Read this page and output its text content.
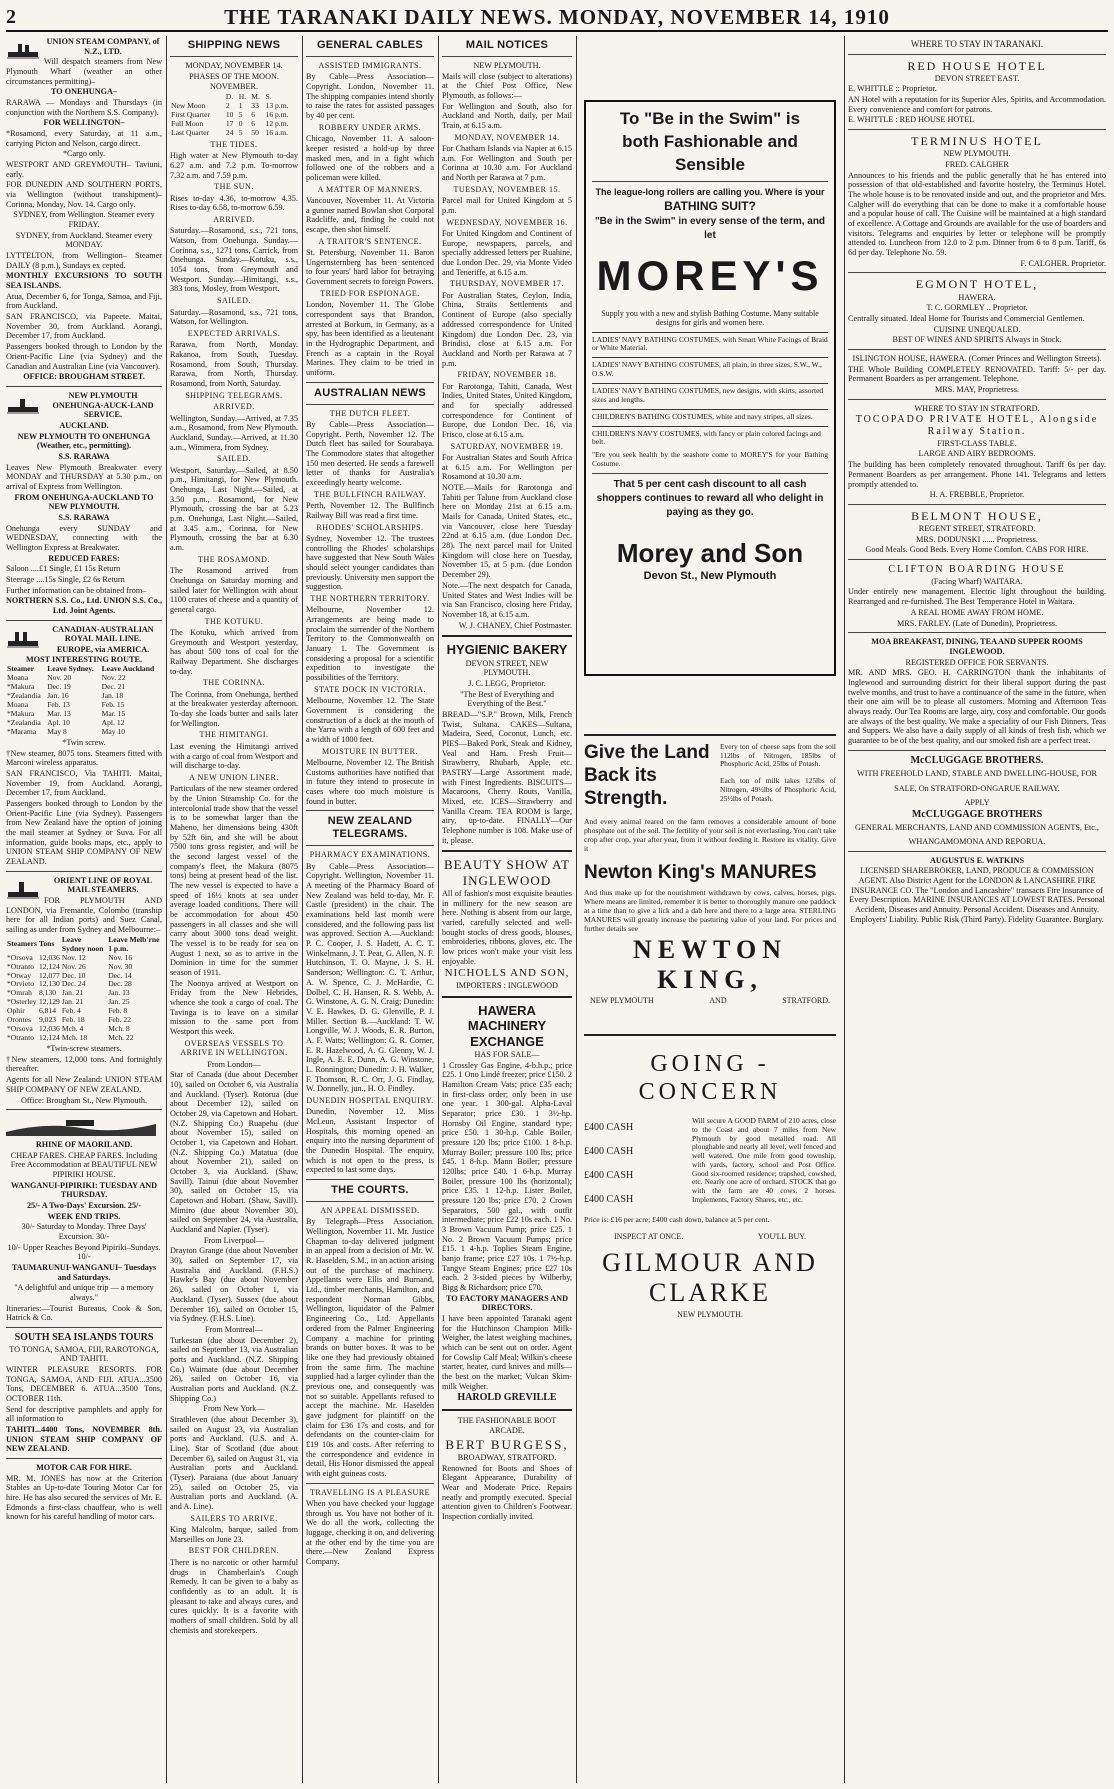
2	THE TARANAKI DAILY NEWS. MONDAY, NOVEMBER 14, 1910

UNION STEAM COMPANY, of N.Z., LTD.

Will despatch steamers from New Plymouth Wharf (weather an other circumstances permitting)–

TO ONEHUNGA–

RARAWA — Mondays and Thursdays (in conjunction with the Northern S.S. Company).

FOR WELLINGTON–

*Rosamond, every Saturday, at 11 a.m., carrying Picton and Nelson, cargo direct.

*Cargo only.

WESTPORT AND GREYMOUTH– Taviuni, early.

FOR DUNEDIN AND SOUTHERN PORTS, via Wellington (without transhipment)– Corinna, Monday, Nov. 14. Cargo only.

SYDNEY, from Wellington. Steamer every FRIDAY.

SYDNEY, from Auckland. Steamer every MONDAY.

LYTTELTON, from Wellington– Steamer DAILY (8 p.m.), Sundays ex cepted.

MONTHLY EXCURSIONS TO SOUTH SEA ISLANDS.

Atua, December 6, for Tonga, Samoa, and Fiji, from Auckland.

SAN FRANCISCO, via Papeete. Maitai, November 30, from Auckland. Aorangi, December 17, from Auckland.

Passengers booked through to London by the Orient-Pacific Line (via Sydney) and the Canadian and Australian Line (via Vancouver).

OFFICE: BROUGHAM STREET.

NEW PLYMOUTH ONEHUNGA-AUCK-LAND SERVICE.

AUCKLAND.

NEW PLYMOUTH TO ONEHUNGA (Weather, etc., permitting).

S.S. RARAWA

Leaves New Plymouth Breakwater every MONDAY and THURSDAY at 5.30 p.m., on arrival of Express from Wellington.

FROM ONEHUNGA-AUCKLAND TO NEW PLYMOUTH.

S.S. RARAWA

Onehunga every SUNDAY and WEDNESDAY, connecting with the Wellington Express at Breakwater.

REDUCED FARES:

Saloon ....£1 Single, £1 15s Return

Steerage ....15s Single, £2 6s Return

Further information can be obtained from–

NORTHERN S.S. Co., Ltd. UNION S.S. Co., Ltd. Joint Agents.

CANADIAN-AUSTRALIAN ROYAL MAIL LINE.

EUROPE, via AMERICA. MOST INTERESTING ROUTE.

Steamer	Leave Sydney.	Leave Auckland
Moana	Nov. 20	Nov. 22
*Makura	Dec. 19	Dec. 21
*Zealandia	Jan. 16	Jan. 18
Moana	Feb. 13	Feb. 15
*Makura	Mar. 13	Mar. 15
*Zealandia	Apl. 10	Apl. 12
*Marama	May 8	May 10

*Twin screw.

†New steamer, 8075 tons. Steamers fitted with Marconi wireless apparatus.

SAN FRANCISCO, Via TAHITI. Maitai, November 19, from Auckland. Aorangi, December 17, from Auckland.

Passengers booked through to London by the Orient-Pacific Line (via Sydney). Passengers from New Zealand have the option of joining the mail steamer at Sydney or Suva. For all information, guide books maps, etc., apply to UNION STEAM SHIP COMPANY OF NEW ZEALAND.

ORIENT LINE OF ROYAL MAIL STEAMERS.

FOR PLYMOUTH AND LONDON, via Fremantle, Colombo (tranship here for all Indian ports) and Suez Canal, sailing as under from Sydney and Melbourne:–

Steamers	Tons	Leave Sydney noon	Leave Melb'rne 1 p.m.
*Orsova	12,036	Nov. 12	Nov. 16
*Otranto	12,124	Nov. 26	Nov. 30
*Otway	12,077	Dec. 10	Dec. 14
*Orvieto	12,130	Dec. 24	Dec. 28
*Omrah	8,130	Jan. 21	Jan. 13
*Osterley	12,129	Jan. 21	Jan. 25
Ophir	6,814	Feb. 4	Feb. 8
Orontes	9,023	Feb. 18	Feb. 22
*Orsova	12,036	Mch. 4	Mch. 8
*Otranto	12,124	Mch. 18	Mch. 22

*Twin-screw steamers.

†New steamers, 12,000 tons. And fortnightly thereafter.

Agents for all New Zealand: UNION STEAM SHIP COMPANY OF NEW ZEALAND.

Office: Brougham St., New Plymouth.

RHINE OF MAORILAND.

CHEAP FARES. CHEAP FARES. Including Free Accommodation at BEAUTIFUL NEW PIPIRIKI HOUSE.

WANGANUI-PIPIRIKI: TUESDAY AND THURSDAY.

25/- A Two-Days' Excursion. 25/-

WEEK END TRIPS.

30/- Saturday to Monday. Three Days' Excursion. 30/-

10/- Upper Reaches Beyond Pipiriki–Sundays. 10/-

TAUMARUNUI-WANGANUI– Tuesdays and Saturdays.

"A delightful and unique trip — a memory always."

Itineraries:—Tourist Bureaus, Cook & Son, Hatrick & Co.

SOUTH SEA ISLANDS TOURS

TO TONGA, SAMOA, FIJI, RAROTONGA, AND TAHITI.

WINTER PLEASURE RESORTS. FOR TONGA, SAMOA, AND FIJI. ATUA...3500 Tons, DECEMBER 6. ATUA...3500 Tons, OCTOBER 11th.

Send for descriptive pamphlets and apply for all information to

TAHITI...4400 Tons, NOVEMBER 8th. UNION STEAM SHIP COMPANY OF NEW ZEALAND.

MOTOR CAR FOR HIRE.

MR. M. JONES has now at the Criterion Stables an Up-to-date Touring Motor Car for hire. He has also secured the services of Mr. E. Edmonds a first-class chauffeur, who is well known for his careful handling of motor cars.

SHIPPING NEWS

MONDAY, NOVEMBER 14.

PHASES OF THE MOON.

NOVEMBER.

	D.	H.	M.	S.
New Moon	2	1	33	13 p.m.
First Quarter	10	5	6	16 p.m.
Full Moon	17	0	6	12 p.m.
Last Quarter	24	5	50	16 a.m.

THE TIDES.

High water at New Plymouth to-day 6.27 a.m. and 7.2 p.m. To-morrow 7.32 a.m. and 7.59 p.m.

THE SUN.

Rises to-day 4.36, to-morrow 4.35. Rises to-day 6.58, to-morrow 6.59.

ARRIVED.

Saturday.—Rosamond, s.s., 721 tons, Watson, from Onehunga. Sunday.—Corinna, s.s., 1271 tons, Carrick, from Onehunga. Sunday.—Kotuku, s.s., 1054 tons, from Greymouth and Westport. Sunday.—Himitangi, s.s., 383 tons, Mosley, from Westport.

SAILED.

Saturday.—Rosamond, s.s., 721 tons, Watson, for Wellington.

EXPECTED ARRIVALS.

Rarawa, from North, Monday. Rakanoa, from South, Tuesday. Rosamond, from South, Thursday. Rarawa, from North, Thursday. Rosamond, from North, Saturday.

SHIPPING TELEGRAMS.

ARRIVED.

Wellington, Sunday.—Arrived, at 7.35 a.m., Rosamond, from New Plymouth. Auckland, Sunday.—Arrived, at 11.30 a.m., Wimmera, from Sydney.

SAILED.

Westport, Saturday.—Sailed, at 8.50 p.m., Himitangi, for New Plymouth. Onehunga, Last Night.—Sailed, at 3.50 p.m., Rosamond, for New Plymouth, crossing the bar at 5.23 p.m. Onehunga, Last Night.—Sailed, at 3.45 a.m., Corinna, for New Plymouth, crossing the bar at 6.30 a.m.

THE ROSAMOND.

The Rosamond arrived from Onehunga on Saturday morning and sailed later for Wellington with about 1100 crates of cheese and a quantity of general cargo.

THE KOTUKU.

The Kotuku, which arrived from Greymouth and Westport yesterday, has about 500 tons of coal for the Railway Department. She discharges to-day.

THE CORINNA.

The Corinna, from Onehunga, berthed at the breakwater yesterday afternoon. To-day she loads butter and sails later for Wellington.

THE HIMITANGI.

Last evening the Himitangi arrived with a cargo of coal from Westport and will discharge to-day.

A NEW UNION LINER.

Particulars of the new steamer ordered by the Union Steamship Co. for the intercolonial trade show that the vessel is to be somewhat larger than the Maheno, her dimensions being 430ft by 52ft 6in, and she will be about 7500 tons gross register, and will be the second largest vessel of the company's fleet, the Makura (8075 tons) being at present head of the list. The new vessel is expected to have a speed of 16½ knots at sea under average loaded conditions. There will be accommodation for about 450 passengers in all classes and she will carry about 3000 tons dead weight. The vessel is to be ready for sea on August 1 next, so as to arrive in the Dominion in time for the summer season of 1911.

The Noonya arrived at Westport on Friday from the New Hebrides, whence she took a cargo of coal. The Tavinga is to leave on a similar mission to the same port from Westport this week.

OVERSEAS VESSELS TO ARRIVE IN WELLINGTON.

From London—

Star of Canada (due about December 10), sailed on October 6, via Australia and Auckland. (Tyser). Rotorua (due about December 12), sailed on October 29, via Capetown and Hobart. (N.Z. Shipping Co.) Ruapehu (due about November 15), sailed on October 1, via Capetown and Hobart. (N.Z. Shipping Co.) Matatua (due about November 21), sailed on October 3, via Auckland. (Shaw, Savill). Tainui (due about November 30), sailed on October 15, via Capetown and Hobart. (Shaw, Savill). Mimiro (due about November 30), sailed on September 24, via Australia, Auckland and Napier. (Tyser).

From Liverpool—

Drayton Grange (due about November 30), sailed on September 17, via Australia and Auckland. (F.H.S.) Hawke's Bay (due about November 26), sailed on October 1, via Auckland. (Tyser). Sussex (due about December 16), sailed on October 15, via Sydney. (F.H.S. Line).

From Montreal—

Turkestan (due about December 2), sailed on September 13, via Australian ports and Auckland. (N.Z. Shipping Co.) Waimate (due about December 26), sailed on October 16, via Australian ports and Auckland. (N.Z. Shipping Co.)

From New York—

Strathleven (due about December 3), sailed on August 23, via Australian ports and Auckland. (U.S. and A. Line). Star of Scotland (due about December 6), sailed on August 31, via Australian ports and Auckland. (Tyser). Paraiana (due about January 25), sailed on October 25, via Australian ports and Auckland. (A. and A. Line).

SAILERS TO ARRIVE.

King Malcolm, barque, sailed from Marseilles on June 23.

BEST FOR CHILDREN.

There is no narcotic or other harmful drugs in Chamberlain's Cough Remedy. It can be given to a baby as confidently as to an adult. It is pleasant to take and always cures, and cures quickly. It is a favorite with mothers of small children. Sold by all chemists and storekeepers.

GENERAL CABLES

ASSISTED IMMIGRANTS.

By Cable—Press Association—Copyright. London, November 11. The shipping companies intend shortly to raise the rates for assisted passages by 40 per cent.

ROBBERY UNDER ARMS.

Chicago, November 11. A saloon-keeper resisted a hold-up by three masked men, and in a fight which followed one of the robbers and a policeman were killed.

A MATTER OF MANNERS.

Vancouver, November 11. At Victoria a gunner named Bowlan shot Corporal Radcliffe, and, finding he could not escape, then shot himself.

A TRAITOR'S SENTENCE.

St. Petersburg, November 11. Baron Ungernsternberg has been sentenced to four years' hard labor for betraying Government secrets to foreign Powers.

TRIED FOR ESPIONAGE.

London, November 11. The Globe correspondent says that Brandon, arrested at Borkum, in Germany, as a spy, has been identified as a lieutenant in the Hydrographic Department, and French as a captain in the Royal Marines. They claim to be tried in uniform.

AUSTRALIAN NEWS

THE DUTCH FLEET.

By Cable—Press Association—Copyright. Perth, November 12. The Dutch fleet has sailed for Sourabaya. The Commodore states that altogether 150 men deserted. He sends a farewell letter of thanks for Australia's exceedingly hearty welcome.

THE BULLFINCH RAILWAY.

Perth, November 12. The Bullfinch Railway Bill was read a first time.

RHODES' SCHOLARSHIPS.

Sydney, November 12. The trustees controlling the Rhodes' scholarships have suggested that New South Wales should select younger candidates than previously. University men support the suggestion.

THE NORTHERN TERRITORY.

Melbourne, November 12. Arrangements are being made to proclaim the surrender of the Northern Territory to the Commonwealth on January 1. The Government is considering a proposal for a scientific expedition to investigate the possibilities of the Territory.

STATE DOCK IN VICTORIA.

Melbourne, November 12. The State Government is considering the construction of a dock at the mouth of the Yarra with a length of 600 feet and a width of 1000 feet.

MOISTURE IN BUTTER.

Melbourne, November 12. The British Customs authorities have notified that in future they intend to prosecute in cases where too much moisture is found in butter.

NEW ZEALAND TELEGRAMS.

PHARMACY EXAMINATIONS.

By Cable—Press Association—Copyright. Wellington, November 11. A meeting of the Pharmacy Board of New Zealand was held to-day, Mr. F. Castle (president) in the chair. The examinations held last month were considered, and the following pass list was approved. Section A.—Auckland: P. C. Cooper, J. S. Hadett, A. C. T. Winkelmann, J. T. Peat, G. Allen, N. F. Hutchinson, T. O. Mayne, J. S. H. Sanderson; Wellington: C. T. Arthur, A. W. Spence, C. J. McHardie, C. Dolbel, C. H. Hansen, R. S. Webb, A. G. Winstone, A. G. N. Craig; Dunedin: V. E. Hawkes, D. G. Glenville, P. J. Miller. Section B.—Auckland: T. W. Longville, W. J. Woods, E. R. Burton, A. F. Watts; Wellington: G. R. Corner, E. R. Hazelwood, A. G. Glenny, W. J. Ingle, A. E. E. Dunn, A. G. Winstone, L. Ronnington; Dunedin: J. H. Walker, F. Thomson, R. C. Orr, J. G. Findlay, W. Donnelly, jun., H. O. Findley.

DUNEDIN HOSPITAL ENQUIRY.

Dunedin, November 12. Miss McLeun, Assistant Inspector of Hospitals, this morning opened an enquiry into the nursing department of the Dunedin Hospital. The enquiry, which is not open to the press, is expected to last some days.

THE COURTS.

AN APPEAL DISMISSED.

By Telegraph—Press Association. Wellington, November 11. Mr. Justice Chapman to-day delivered judgment in an appeal from a decision of Mr. W. R. Haselden, S.M., in an action arising out of the purchase of machinery. Appellants were Ellis and Burnand, Ltd., timber merchants, Hamilton, and respondent Norman Gibbs, Wellington, liquidator of the Palmer Engineering Co., Ltd. Appellants ordered from the Palmer Engineering Company a machine for printing brands on butter boxes. It was to be like one they had previously obtained from the same firm. The machine supplied had a larger cylinder than the previous one, and consequently was not so suitable. Appellants refused to accept the machine. Mr. Haselden gave judgment for plaintiff on the claim for £36 17s and costs, and for defendants on the counter-claim for £19 10s and costs. After referring to the correspondence and evidence in detail, His Honor dismissed the appeal with eight guineas costs.

TRAVELLING IS A PLEASURE

When you have checked your luggage through us. You have not bother of it. We do all the work, collecting the luggage, checking it on, and delivering at the other end by the time you are there.—New Zealand Express Company.

MAIL NOTICES

NEW PLYMOUTH.

Mails will close (subject to alterations) at the Chief Post Office, New Plymouth, as follows:—

For Wellington and South, also for Auckland and North, daily, per Mail Train, at 6.15 a.m.

MONDAY, NOVEMBER 14.

For Chatham Islands via Napier at 6.15 a.m. For Wellington and South per Corinna at 10.30 a.m. For Auckland and North per Rarawa at 7 p.m.

TUESDAY, NOVEMBER 15.

Parcel mail for United Kingdom at 5 p.m.

WEDNESDAY, NOVEMBER 16.

For United Kingdom and Continent of Europe, newspapers, parcels, and specially addressed letters per Ruahine, due London Dec. 29, via Monte Video and Teneriffe, at 6.15 a.m.

THURSDAY, NOVEMBER 17.

For Australian States, Ceylon, India, China, Straits Settlements and Continent of Europe (also specially addressed correspondence for United Kingdom) due London Dec. 23, via Brindisi, close at 6.15 a.m. For Auckland and North per Rarawa at 7 p.m.

FRIDAY, NOVEMBER 18.

For Rarotonga, Tahiti, Canada, West Indies, United States, United Kingdom, and for specially addressed correspondence for Continent of Europe, due London Dec. 16, via Frisco, close at 6.15 a.m.

SATURDAY, NOVEMBER 19.

For Australian States and South Africa at 6.15 a.m. For Wellington per Rosamond at 10.30 a.m.

NOTE.—Mails for Rarotonga and Tahiti per Talune from Auckland close here on Monday 21st at 6.15 a.m. Mails for Canada, United States, etc., via Vancouver, close here Tuesday 22nd at 6.15 a.m. (due London Dec. 28). The next parcel mail for United Kingdom will close here on Tuesday, November 15, at 5 p.m. (due London December 29).

Note.—The next despatch for Canada, United States and West Indies will be via San Francisco, closing here Friday, November 18, at 6.15 a.m.

W. J. CHANEY, Chief Postmaster.

HYGIENIC BAKERY

DEVON STREET, NEW PLYMOUTH.

J. C. LEGG, Proprietor.

"The Best of Everything and Everything of the Best."

BREAD—"S.P." Brown, Milk, French Twist, Sultana. CAKES—Sultana, Madeira, Seed, Coconut, Lunch, etc. PIES—Baked Pork, Steak and Kidney, Veal and Ham. Fresh Fruit—Strawberry, Rhubarb, Apple, etc. PASTRY—Large Assortment made, with Finest Ingredients. BISCUITS—Macaroons, Cherry Routs, Vanilla, Mixed, etc. ICES—Strawberry and Vanilla Cream. TEA ROOM is large, airy, up-to-date. FINALLY—Our Telephone number is 108. Make use of it, please.

BEAUTY SHOW AT INGLEWOOD

All of fashion's most exquisite beauties in millinery for the new season are here. Nothing is absent from our large, varied, carefully selected and well-bought stocks of dress goods, blouses, embroideries, ribbons, gloves, etc. The low prices won't make your visit less enjoyable.

NICHOLLS AND SON,

IMPORTERS : INGLEWOOD

HAWERA MACHINERY EXCHANGE

HAS FOR SALE—

1 Crossley Gas Engine, 4-b.h.p.; price £25. 1 Ono Lindé freezer; price £150. 2 Hamilton Cream Vats; price £35 each; in first-class order; only been in use one year. 1 300-gal. Alpha-Laval Separator; price £30. 1 3½-hp. Hornsby Oil Engine, standard type; price £50. 1 30-h.p. Cable Boiler, pressure 120 lbs; price £100. 1 8-h.p. Murray Boiler; pressure 100 lbs; price £45. 1 8-h.p. Mann Boiler; pressure 120lbs; price £40. 1 6-h.p. Murray Boiler, pressure 100 lbs (horizontal); price £35. 1 12-h.p. Lister Boiler, pressure 120 lbs; price £70. 2 Crown Separators, 500 gal., with outfit intermediate; price £22 10s each. 1 No. 3 Brown Vacuum Pump; price £25. 1 No. 2 Brown Vacuum Pumps; price £15. 1 4-h.p. Toplies Steam Engine, banjo frame; price £27 10s. 1 7½-h.p. Tangye Steam Engines; price £27 10s each. 2 3-sided pieces by Wilberby, Bigg & Richardson; price £70.

TO FACTORY MANAGERS AND DIRECTORS.

I have been appointed Taranaki agent for the Hutchinson Champion Milk-Weigher, the latest weighing machines, which can be sent out on order. Agent for Cowslip Calf Meal; Wilkin's cheese starter, heater, curd knives and mills—the best on the market; Vulcan Skim-milk Weigher.

HAROLD GREVILLE

THE FASHIONABLE BOOT ARCADE.

BERT BURGESS,

BROADWAY, STRATFORD.

Renowned for Boots and Shoes of Elegant Appearance, Durability of Wear and Moderate Price. Repairs neatly and promptly executed. Special attention given to Children's Footwear. Inspection cordially invited.

To "Be in the Swim" is
both Fashionable and
Sensible
The league-long rollers are calling you. Where is your
BATHING SUIT?
"Be in the Swim" in every sense of the term, and let
MOREY'S

Supply you with a new and stylish Bathing Costume. Many suitable designs for girls and women here.

LADIES' NAVY BATHING COSTUMES, with Smart White Facings of Braid or White Material.
LADIES' NAVY BATHING COSTUMES, all plain, in three sizes, S.W., W., O.S.W.
LADIES' NAVY BATHING COSTUMES, new designs, with skirts, assorted sizes and lengths.
CHILDREN'S BATHING COSTUMES, white and navy stripes, all sizes.
CHILDREN'S NAVY COSTUMES, with fancy or plain colored facings and belt.

"Ere you seek health by the seashore come to MOREY'S for your Bathing Costume.

That 5 per cent cash discount to all cash shoppers continues to reward all who delight in paying as they go.
Morey and Son
Devon St., New Plymouth
Give the Land
Back its Strength.

Every ton of cheese saps from the soil 112lbs of Nitrogen, 185lbs of Phosphoric Acid, 25lbs of Potash.

Each ton of milk takes 125lbs of Nitrogen, 49½lbs of Phosphoric Acid, 25½lbs of Potash.

And every animal reared on the farm removes a considerable amount of bone phosphate out of the soil. The fertility of your soil is not everlasting. You can't take crop after crop, year after year, from it without feeding it. Restore its vitality. Give it

Newton King's MANURES

And thus make up for the nourishment withdrawn by cows, calves, horses, pigs. Where means are limited, remember it is better to thoroughly manure one paddock at a time than to give a lick and a dab here and there to a large area. STERLING MANURES will greatly increase the pasturing value of your land. For prices and further details see

NEWTON KING,
NEW PLYMOUTH	AND	STRATFORD.
GOING - CONCERN
£400 CASH
£400 CASH
£400 CASH
£400 CASH

Will secure A GOOD FARM of 210 acres, close to the Coast and about 7 miles from New Plymouth by good metalled road. All ploughable and nearly all level, well fenced and well watered. One mile from good township, with yards, factory, school and Post Office. Good six-roomed residence; trapshed, cowshed, etc. Nearly one acre of orchard. STOCK that go with the farm are 40 cows, 2 horses. Implements, Factory Shares, etc., etc.

Price is: £16 per acre; £400 cash down, balance at 5 per cent.

INSPECT AT ONCE.	YOU'LL BUY.
GILMOUR AND CLARKE

NEW PLYMOUTH.

WHERE TO STAY IN TARANAKI.

RED HOUSE HOTEL

DEVON STREET EAST.

E. WHITTLE :: Proprietor.

AN Hotel with a reputation for its Superior Ales, Spirits, and Accommodation. Every convenience and comfort for patrons.

E. WHITTLE : RED HOUSE HOTEL

TERMINUS HOTEL

NEW PLYMOUTH.

FRED. CALGHER

Announces to his friends and the public generally that he has entered into possession of that old-established and favorite hostelry, the Terminus Hotel. The whole house is to be renovated inside and out, and the proprietor and Mrs. Calgher will do everything that can be done to make it a comfortable house and a popular house of call. The Cuisine will be maintained at a high standard of excellence. A Cottage and Grounds are available for the use of boarders and visitors. Telegrams and enquiries by letter or telephone will be promptly attended to. Luncheon from 12.0 to 2 p.m. Dinner from 6 to 8 p.m. Tariff, 6s 6d per day. Telephone No. 59.

F. CALGHER. Proprietor.

EGMONT HOTEL,

HAWERA.

T. C. GORMLEY .. Proprietor.

Centrally situated. Ideal Home for Tourists and Commercial Gentlemen.

CUISINE UNEQUALED.

BEST OF WINES AND SPIRITS Always in Stock.

ISLINGTON HOUSE, HAWERA. (Corner Princes and Wellington Streets).

THE Whole Building COMPLETELY RENOVATED. Tariff: 5/- per day. Permanent Boarders as per arrangement. Telephone.

MRS. MAY, Proprietress.

WHERE TO STAY IN STRATFORD.

TOCOPADO PRIVATE HOTEL, Alongside Railway Station.

FIRST-CLASS TABLE.

LARGE AND AIRY BEDROOMS.

The building has been completely renovated throughout. Tariff 6s per day. Permanent Boarders as per arrangement. Phone 141. Telegrams and letters promptly attended to.

H. A. FREBBLE, Proprietor.

BELMONT HOUSE,

REGENT STREET, STRATFORD.

MRS. DODUNSKI ...... Proprietress.

Good Meals. Good Beds. Every Home Comfort. CABS FOR HIRE.

CLIFTON BOARDING HOUSE

(Facing Wharf) WAITARA.

Under entirely new management. Electric light throughout the building. Rearranged and re-furnished. The Best Temperance Hotel in Waitara.

A REAL HOME AWAY FROM HOME.

MRS. FARLEY. (Late of Dunedin), Proprietress.

MOA BREAKFAST, DINING, TEA AND SUPPER ROOMS INGLEWOOD.

REGISTERED OFFICE FOR SERVANTS.

MR. AND MRS. GEO. H. CARRINGTON thank the inhabitants of Inglewood and surrounding district for their liberal support during the past twelve months, and trust to have a continuance of the same in the future, when their one aim will be to please all customers. Morning and Afternoon Teas always ready. Our Tea Rooms are large, airy, cosy and comfortable. Our goods are always of the best quality. We make a speciality of our Fish Dinners, Teas and Suppers. We also have a daily supply of all kinds of fresh fish, which we guarantee to be of the best quality, and our smoked fish are a perfect treat.

McCLUGGAGE BROTHERS.

WITH FREEHOLD LAND, STABLE AND DWELLING-HOUSE, FOR SALE, On STRATFORD-ONGARUE RAILWAY.

APPLY

McCLUGGAGE BROTHERS

GENERAL MERCHANTS, LAND AND COMMISSION AGENTS, Etc.,

WHANGAMOMONA AND REPORUA.

AUGUSTUS E. WATKINS

LICENSED SHAREBROKER, LAND, PRODUCE & COMMISSION AGENT. Also District Agent for the LONDON & LANCASHIRE FIRE INSURANCE CO. The "London and Lancashire" transacts Fire Insurance of Every Description. MARINE INSURANCES AT LOWEST RATES. Personal Accident, Diseases and Annuity. Personal Accident. Diseases and Annuity. Employers' Liability. Public Risk (Third Party). Fidelity Guarantee. Burglary.
